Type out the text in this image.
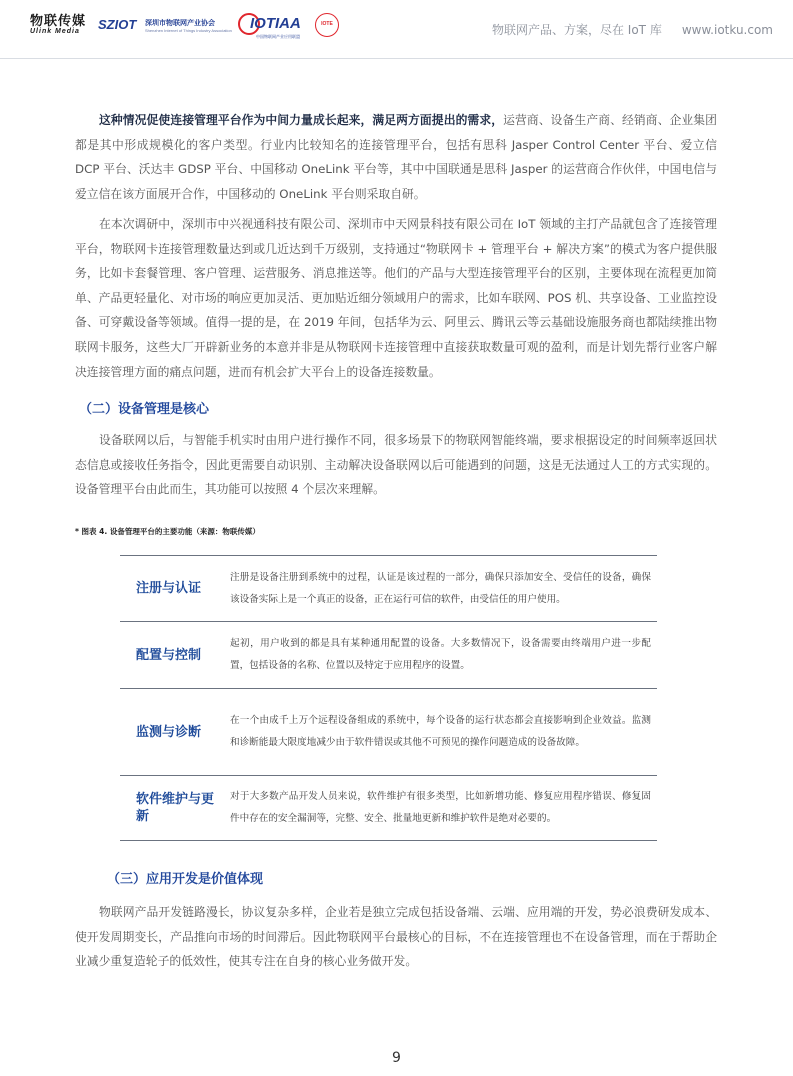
物联传媒
Ulink Media	SZIOT 深圳市物联网产业协会
Shenzhen Internet of Things Industry Association IOTIAA
中国物联网产业应用联盟
IOTE	物联网产品、方案，尽在 IoT 库 www.iotku.com

这种情况促使连接管理平台作为中间力量成长起来，满足两方面提出的需求，运营商、设备生产商、经销商、企业集团都是其中形成规模化的客户类型。行业内比较知名的连接管理平台，包括有思科 Jasper Control Center 平台、爱立信 DCP 平台、沃达丰 GDSP 平台、中国移动 OneLink 平台等，其中中国联通是思科 Jasper 的运营商合作伙伴，中国电信与爱立信在该方面展开合作，中国移动的 OneLink 平台则采取自研。

在本次调研中，深圳市中兴视通科技有限公司、深圳市中天网景科技有限公司在 IoT 领域的主打产品就包含了连接管理平台，物联网卡连接管理数量达到或几近达到千万级别，支持通过“物联网卡 + 管理平台 + 解决方案”的模式为客户提供服务，比如卡套餐管理、客户管理、运营服务、消息推送等。他们的产品与大型连接管理平台的区别，主要体现在流程更加简单、产品更轻量化、对市场的响应更加灵活、更加贴近细分领域用户的需求，比如车联网、POS 机、共享设备、工业监控设备、可穿戴设备等领域。值得一提的是，在 2019 年间，包括华为云、阿里云、腾讯云等云基础设施服务商也都陆续推出物联网卡服务，这些大厂开辟新业务的本意并非是从物联网卡连接管理中直接获取数量可观的盈利，而是计划先帮行业客户解决连接管理方面的痛点问题，进而有机会扩大平台上的设备连接数量。

（二）设备管理是核心

设备联网以后，与智能手机实时由用户进行操作不同，很多场景下的物联网智能终端，要求根据设定的时间频率返回状态信息或接收任务指令，因此更需要自动识别、主动解决设备联网以后可能遇到的问题，这是无法通过人工的方式实现的。设备管理平台由此而生，其功能可以按照 4 个层次来理解。

* 图表 4. 设备管理平台的主要功能（来源：物联传媒）

注册与认证
注册是设备注册到系统中的过程，认证是该过程的一部分，确保只添加安全、受信任的设备，确保该设备实际上是一个真正的设备，正在运行可信的软件，由受信任的用户使用。
配置与控制
起初，用户收到的都是具有某种通用配置的设备。大多数情况下，设备需要由终端用户进一步配置，包括设备的名称、位置以及特定于应用程序的设置。
监测与诊断
在一个由成千上万个远程设备组成的系统中，每个设备的运行状态都会直接影响到企业效益。监测和诊断能最大限度地减少由于软件错误或其他不可预见的操作问题造成的设备故障。
软件维护与更新
对于大多数产品开发人员来说，软件维护有很多类型，比如新增功能、修复应用程序错误、修复固件中存在的安全漏洞等，完整、安全、批量地更新和维护软件是绝对必要的。
（三）应用开发是价值体现

物联网产品开发链路漫长，协议复杂多样，企业若是独立完成包括设备端、云端、应用端的开发，势必浪费研发成本、使开发周期变长，产品推向市场的时间滞后。因此物联网平台最核心的目标，不在连接管理也不在设备管理，而在于帮助企业减少重复造轮子的低效性，使其专注在自身的核心业务做开发。

9
